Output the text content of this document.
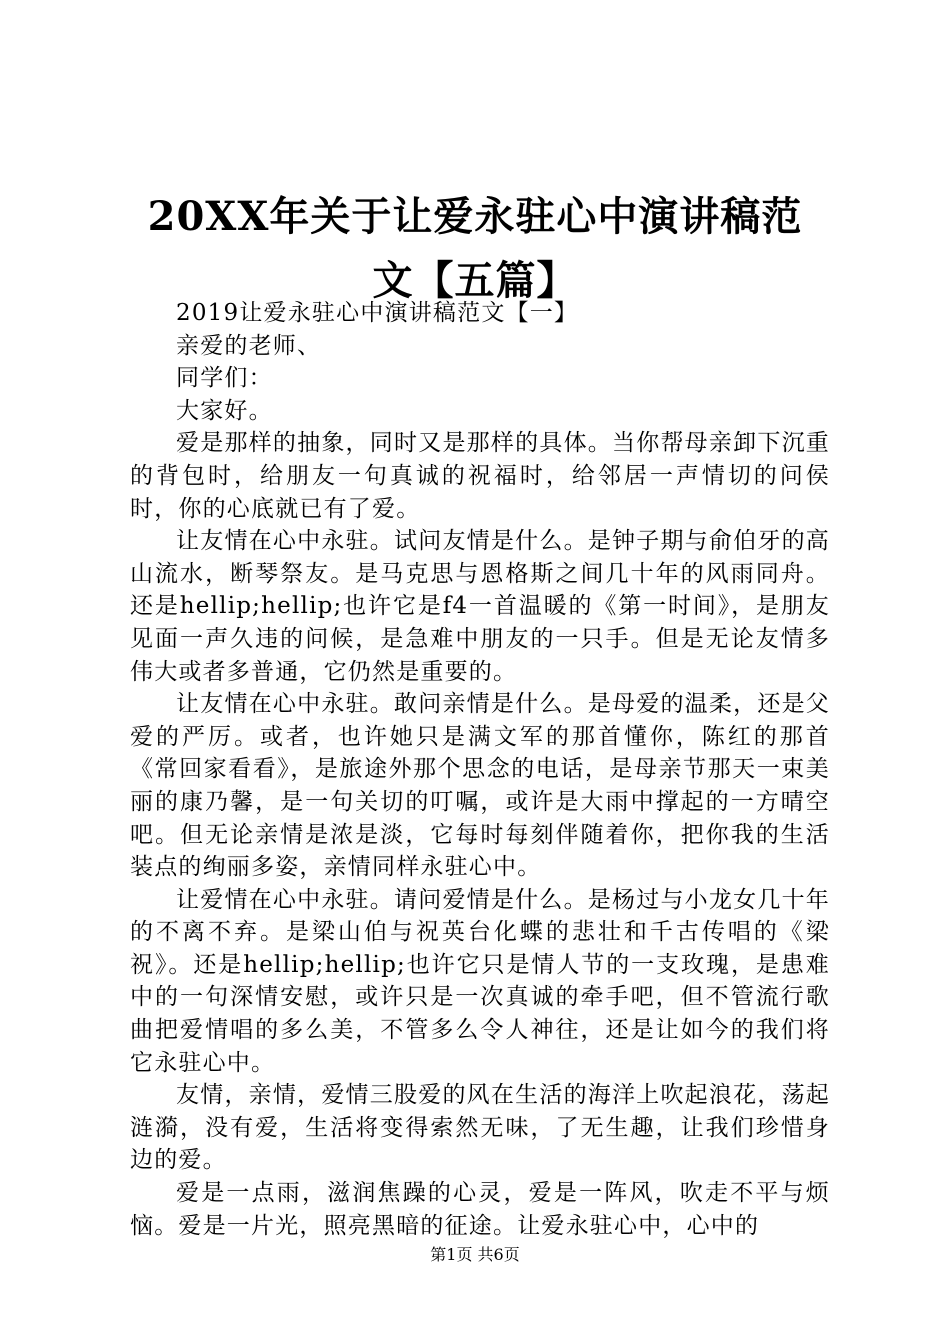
20XX年关于让爱永驻心中演讲稿范文【五篇】

2019让爱永驻心中演讲稿范文【一】

亲爱的老师、

同学们：

大家好。

爱是那样的抽象，同时又是那样的具体。当你帮母亲卸下沉重的背包时，给朋友一句真诚的祝福时，给邻居一声情切的问侯时，你的心底就已有了爱。

让友情在心中永驻。试问友情是什么。是钟子期与俞伯牙的高山流水，断琴祭友。是马克思与恩格斯之间几十年的风雨同舟。还是hellip;hellip;也许它是f4一首温暖的《第一时间》，是朋友见面一声久违的问候，是急难中朋友的一只手。但是无论友情多伟大或者多普通，它仍然是重要的。

让友情在心中永驻。敢问亲情是什么。是母爱的温柔，还是父爱的严厉。或者，也许她只是满文军的那首懂你，陈红的那首《常回家看看》，是旅途外那个思念的电话，是母亲节那天一束美丽的康乃馨，是一句关切的叮嘱，或许是大雨中撑起的一方晴空吧。但无论亲情是浓是淡，它每时每刻伴随着你，把你我的生活装点的绚丽多姿，亲情同样永驻心中。

让爱情在心中永驻。请问爱情是什么。是杨过与小龙女几十年的不离不弃。是梁山伯与祝英台化蝶的悲壮和千古传唱的《梁祝》。还是hellip;hellip;也许它只是情人节的一支玫瑰，是患难中的一句深情安慰，或许只是一次真诚的牵手吧，但不管流行歌曲把爱情唱的多么美，不管多么令人神往，还是让如今的我们将它永驻心中。

友情，亲情，爱情三股爱的风在生活的海洋上吹起浪花，荡起涟漪，没有爱，生活将变得索然无味，了无生趣，让我们珍惜身边的爱。

爱是一点雨，滋润焦躁的心灵，爱是一阵风，吹走不平与烦恼。爱是一片光，照亮黑暗的征途。让爱永驻心中，心中的

第1页 共6页
